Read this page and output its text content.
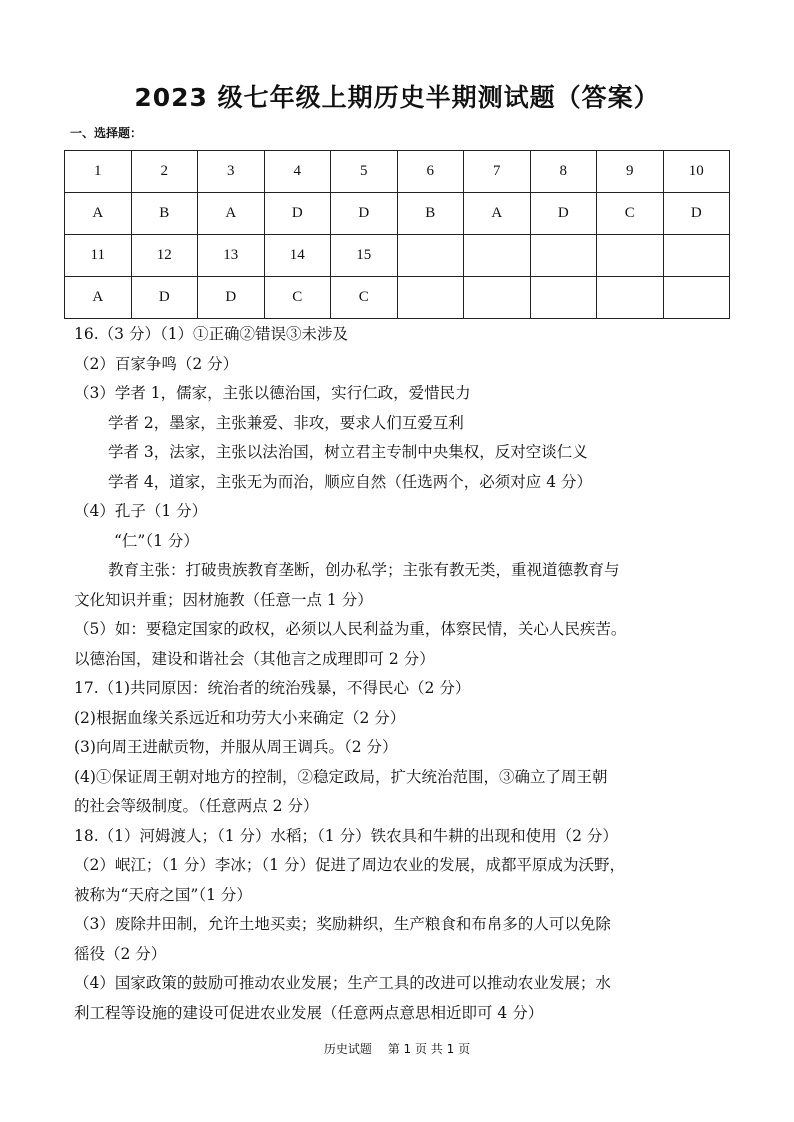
2023 级七年级上期历史半期测试题（答案）
一、选择题：
1	2	3	4	5	6	7	8	9	10
A	B	A	D	D	B	A	D	C	D
11	12	13	14	15					
A	D	D	C	C					
16.（3 分）（1）①正确②错误③未涉及
（2）百家争鸣（2 分）
（3）学者 1，儒家，主张以德治国，实行仁政，爱惜民力
学者 2，墨家，主张兼爱、非攻，要求人们互爱互利
学者 3，法家，主张以法治国，树立君主专制中央集权，反对空谈仁义
学者 4，道家，主张无为而治，顺应自然（任选两个，必须对应 4 分）
（4）孔子（1 分）
“仁”（1 分）
教育主张：打破贵族教育垄断，创办私学；主张有教无类，重视道德教育与
文化知识并重；因材施教（任意一点 1 分）
（5）如：要稳定国家的政权，必须以人民利益为重，体察民情，关心人民疾苦。
以德治国，建设和谐社会（其他言之成理即可 2 分）
17.（1)共同原因：统治者的统治残暴，不得民心（2 分）
(2)根据血缘关系远近和功劳大小来确定（2 分）
(3)向周王进献贡物，并服从周王调兵。（2 分）
(4)①保证周王朝对地方的控制，②稳定政局，扩大统治范围，③确立了周王朝
的社会等级制度。（任意两点 2 分）
18.（1）河姆渡人；（1 分）水稻；（1 分）铁农具和牛耕的出现和使用（2 分）
（2）岷江；（1 分）李冰；（1 分）促进了周边农业的发展，成都平原成为沃野，
被称为“天府之国”（1 分）
（3）废除井田制，允许土地买卖；奖励耕织，生产粮食和布帛多的人可以免除
徭役（2 分）
（4）国家政策的鼓励可推动农业发展；生产工具的改进可以推动农业发展；水
利工程等设施的建设可促进农业发展（任意两点意思相近即可 4 分）
历史试题　 第 1 页 共 1 页
